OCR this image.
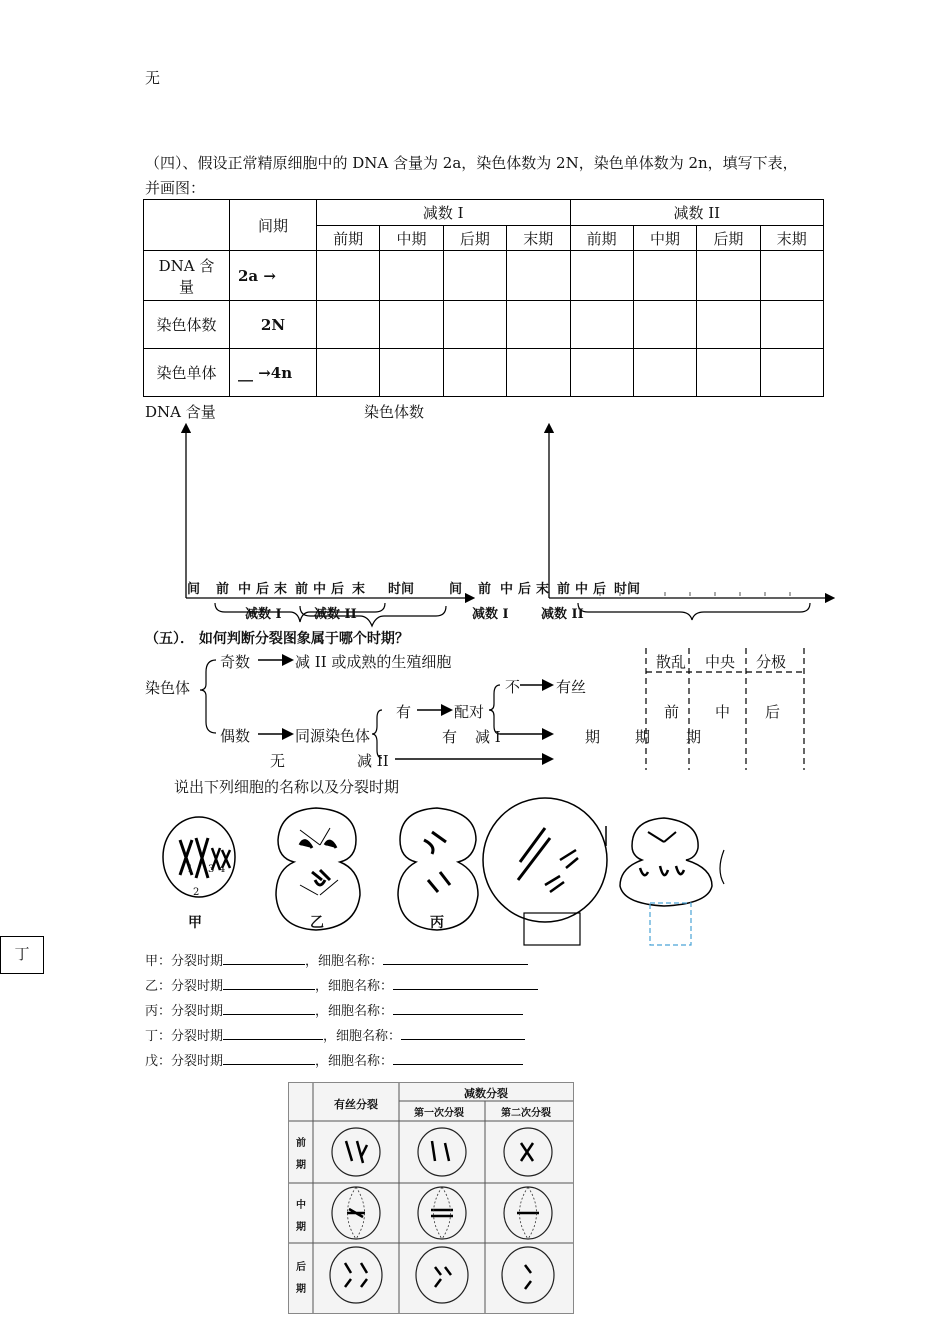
无
（四）、假设正常精原细胞中的 DNA 含量为 2a，染色体数为 2N，染色单体数为 2n，填写下表，
并画图：
	间期	减数 I				减数 II			
		前期	中期	后期	末期	前期	中期	后期	末期
DNA 含
量	2a →								
染色体数	2N								
染色单体	__ →4n								
DNA 含量	染色体数
间 前 中 后 末 前 中 后 末 时间
减数 I 减数 II
间 前 中 后 末 前 中 后 时间
减数 I 减数 II
（五）． 如何判断分裂图象属于哪个时期？
染色体
奇数	减 II 或成熟的生殖细胞
偶数	同源染色体
有	配对
不 有丝
有 减 I
无	减 II
散乱 中央 分极
前 中 后
期 期 期
说出下列细胞的名称以及分裂时期
2
3 4
1
甲	乙	丙
丁	甲：分裂时期	，细胞名称：
乙：分裂时期	，细胞名称：
丙：分裂时期	，细胞名称：
丁：分裂时期	，细胞名称：
戊：分裂时期	，细胞名称：
有丝分裂
减数分裂
第一次分裂	第二次分裂
前
期
中
期
后
期
